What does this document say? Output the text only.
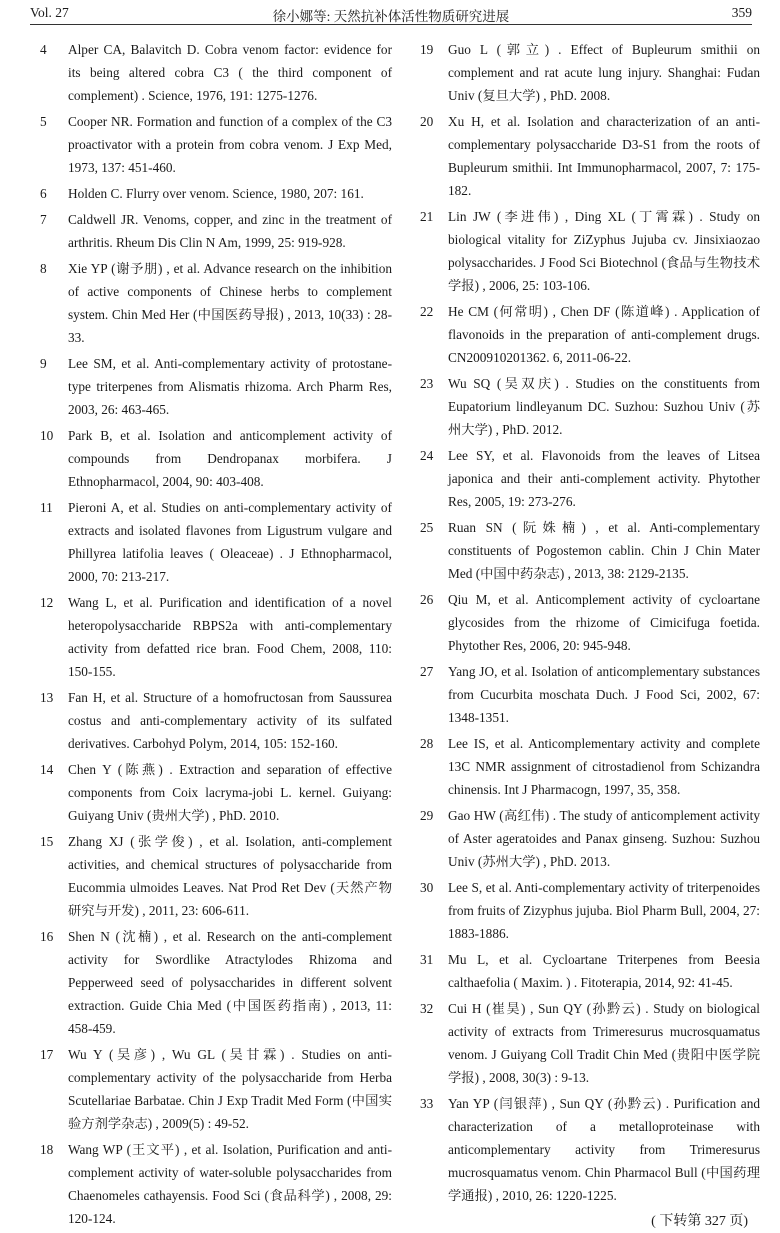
Vol. 27	徐小娜等: 天然抗补体活性物质研究进展	359
4	Alper CA, Balavitch D. Cobra venom factor: evidence for its being altered cobra C3 ( the third component of complement) . Science, 1976, 191: 1275-1276.
5	Cooper NR. Formation and function of a complex of the C3 proactivator with a protein from cobra venom. J Exp Med, 1973, 137: 451-460.
6	Holden C. Flurry over venom. Science, 1980, 207: 161.
7	Caldwell JR. Venoms, copper, and zinc in the treatment of arthritis. Rheum Dis Clin N Am, 1999, 25: 919-928.
8	Xie YP (谢予朋) , et al. Advance research on the inhibition of active components of Chinese herbs to complement system. Chin Med Her (中国医药导报) , 2013, 10(33) : 28-33.
9	Lee SM, et al. Anti-complementary activity of protostane-type triterpenes from Alismatis rhizoma. Arch Pharm Res, 2003, 26: 463-465.
10	Park B, et al. Isolation and anticomplement activity of compounds from Dendropanax morbifera. J Ethnopharmacol, 2004, 90: 403-408.
11	Pieroni A, et al. Studies on anti-complementary activity of extracts and isolated flavones from Ligustrum vulgare and Phillyrea latifolia leaves ( Oleaceae) . J Ethnopharmacol, 2000, 70: 213-217.
12	Wang L, et al. Purification and identification of a novel heteropolysaccharide RBPS2a with anti-complementary activity from defatted rice bran. Food Chem, 2008, 110: 150-155.
13	Fan H, et al. Structure of a homofructosan from Saussurea costus and anti-complementary activity of its sulfated derivatives. Carbohyd Polym, 2014, 105: 152-160.
14	Chen Y (陈燕) . Extraction and separation of effective components from Coix lacryma-jobi L. kernel. Guiyang: Guiyang Univ (贵州大学) , PhD. 2010.
15	Zhang XJ (张学俊) , et al. Isolation, anti-complement activities, and chemical structures of polysaccharide from Eucommia ulmoides Leaves. Nat Prod Ret Dev (天然产物研究与开发) , 2011, 23: 606-611.
16	Shen N (沈楠) , et al. Research on the anti-complement activity for Swordlike Atractylodes Rhizoma and Pepperweed seed of polysaccharides in different solvent extraction. Guide Chia Med (中国医药指南) , 2013, 11: 458-459.
17	Wu Y (吴彦) , Wu GL (吴甘霖) . Studies on anti-complementary activity of the polysaccharide from Herba Scutellariae Barbatae. Chin J Exp Tradit Med Form (中国实验方剂学杂志) , 2009(5) : 49-52.
18	Wang WP (王文平) , et al. Isolation, Purification and anti-complement activity of water-soluble polysaccharides from Chaenomeles cathayensis. Food Sci (食品科学) , 2008, 29: 120-124.
19	Guo L (郭立) . Effect of Bupleurum smithii on complement and rat acute lung injury. Shanghai: Fudan Univ (复旦大学) , PhD. 2008.
20	Xu H, et al. Isolation and characterization of an anti-complementary polysaccharide D3-S1 from the roots of Bupleurum smithii. Int Immunopharmacol, 2007, 7: 175-182.
21	Lin JW (李进伟) , Ding XL (丁霄霖) . Study on biological vitality for ZiZyphus Jujuba cv. Jinsixiaozao polysaccharides. J Food Sci Biotechnol (食品与生物技术学报) , 2006, 25: 103-106.
22	He CM (何常明) , Chen DF (陈道峰) . Application of flavonoids in the preparation of anti-complement drugs. CN200910201362. 6, 2011-06-22.
23	Wu SQ (吴双庆) . Studies on the constituents from Eupatorium lindleyanum DC. Suzhou: Suzhou Univ (苏州大学) , PhD. 2012.
24	Lee SY, et al. Flavonoids from the leaves of Litsea japonica and their anti-complement activity. Phytother Res, 2005, 19: 273-276.
25	Ruan SN (阮姝楠) , et al. Anti-complementary constituents of Pogostemon cablin. Chin J Chin Mater Med (中国中药杂志) , 2013, 38: 2129-2135.
26	Qiu M, et al. Anticomplement activity of cycloartane glycosides from the rhizome of Cimicifuga foetida. Phytother Res, 2006, 20: 945-948.
27	Yang JO, et al. Isolation of anticomplementary substances from Cucurbita moschata Duch. J Food Sci, 2002, 67: 1348-1351.
28	Lee IS, et al. Anticomplementary activity and complete 13C NMR assignment of citrostadienol from Schizandra chinensis. Int J Pharmacogn, 1997, 35, 358.
29	Gao HW (高红伟) . The study of anticomplement activity of Aster ageratoides and Panax ginseng. Suzhou: Suzhou Univ (苏州大学) , PhD. 2013.
30	Lee S, et al. Anti-complementary activity of triterpenoides from fruits of Zizyphus jujuba. Biol Pharm Bull, 2004, 27: 1883-1886.
31	Mu L, et al. Cycloartane Triterpenes from Beesia calthaefolia ( Maxim. ) . Fitoterapia, 2014, 92: 41-45.
32	Cui H (崔昊) , Sun QY (孙黔云) . Study on biological activity of extracts from Trimeresurus mucrosquamatus venom. J Guiyang Coll Tradit Chin Med (贵阳中医学院学报) , 2008, 30(3) : 9-13.
33	Yan YP (闫银萍) , Sun QY (孙黔云) . Purification and characterization of a metalloproteinase with anticomplementary activity from Trimeresurus mucrosquamatus venom. Chin Pharmacol Bull (中国药理学通报) , 2010, 26: 1220-1225.
( 下转第 327 页)
